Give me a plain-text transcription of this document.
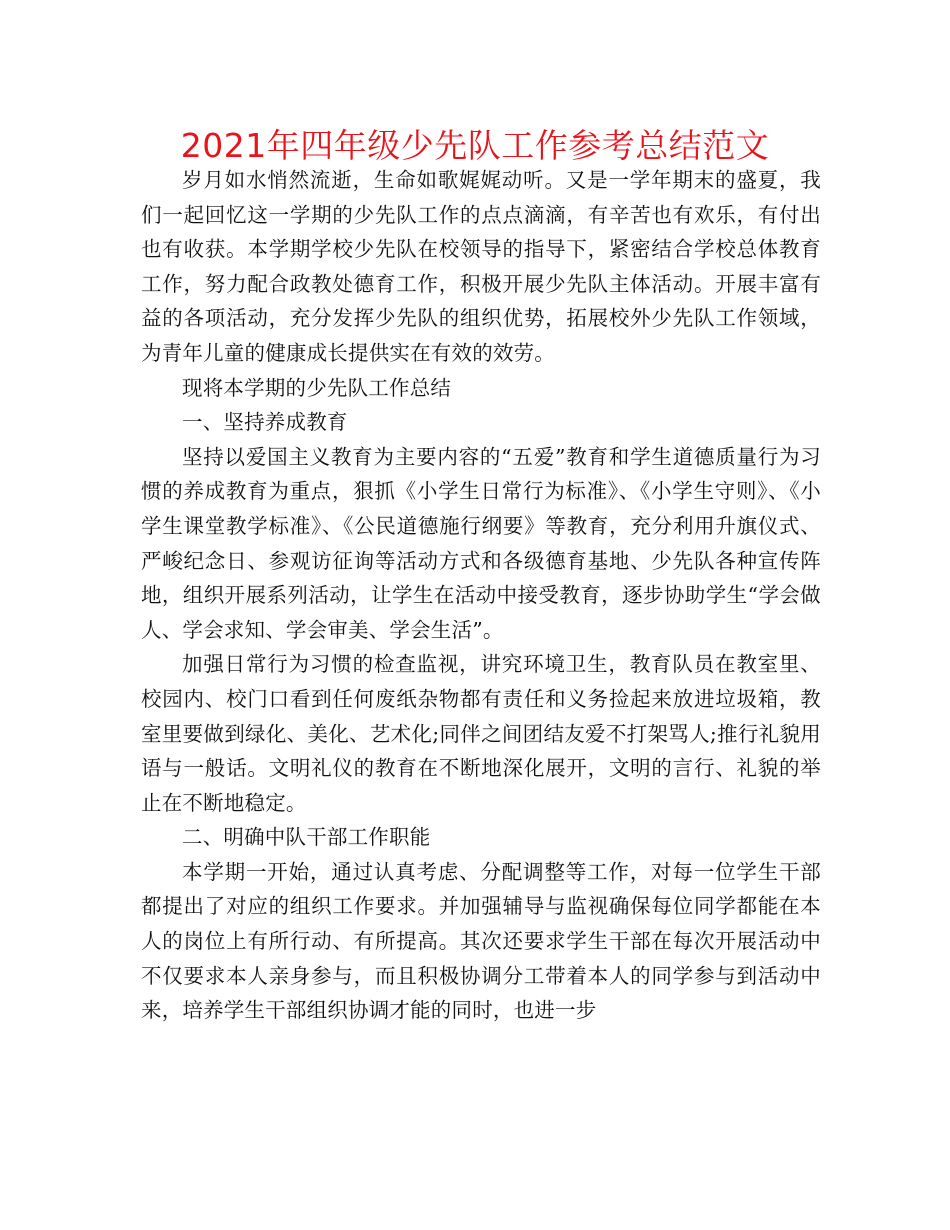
2021年四年级少先队工作参考总结范文

岁月如水悄然流逝，生命如歌娓娓动听。又是一学年期末的盛夏，我们一起回忆这一学期的少先队工作的点点滴滴，有辛苦也有欢乐，有付出也有收获。本学期学校少先队在校领导的指导下，紧密结合学校总体教育工作，努力配合政教处德育工作，积极开展少先队主体活动。开展丰富有益的各项活动，充分发挥少先队的组织优势，拓展校外少先队工作领域，为青年儿童的健康成长提供实在有效的效劳。

现将本学期的少先队工作总结

一、坚持养成教育

坚持以爱国主义教育为主要内容的“五爱”教育和学生道德质量行为习惯的养成教育为重点，狠抓《小学生日常行为标准》、《小学生守则》、《小学生课堂教学标准》、《公民道德施行纲要》等教育，充分利用升旗仪式、严峻纪念日、参观访征询等活动方式和各级德育基地、少先队各种宣传阵地，组织开展系列活动，让学生在活动中接受教育，逐步协助学生“学会做人、学会求知、学会审美、学会生活”。

加强日常行为习惯的检查监视，讲究环境卫生，教育队员在教室里、校园内、校门口看到任何废纸杂物都有责任和义务捡起来放进垃圾箱，教室里要做到绿化、美化、艺术化;同伴之间团结友爱不打架骂人;推行礼貌用语与一般话。文明礼仪的教育在不断地深化展开，文明的言行、礼貌的举止在不断地稳定。

二、明确中队干部工作职能

本学期一开始，通过认真考虑、分配调整等工作，对每一位学生干部都提出了对应的组织工作要求。并加强辅导与监视确保每位同学都能在本人的岗位上有所行动、有所提高。其次还要求学生干部在每次开展活动中不仅要求本人亲身参与，而且积极协调分工带着本人的同学参与到活动中来，培养学生干部组织协调才能的同时，也进一步
